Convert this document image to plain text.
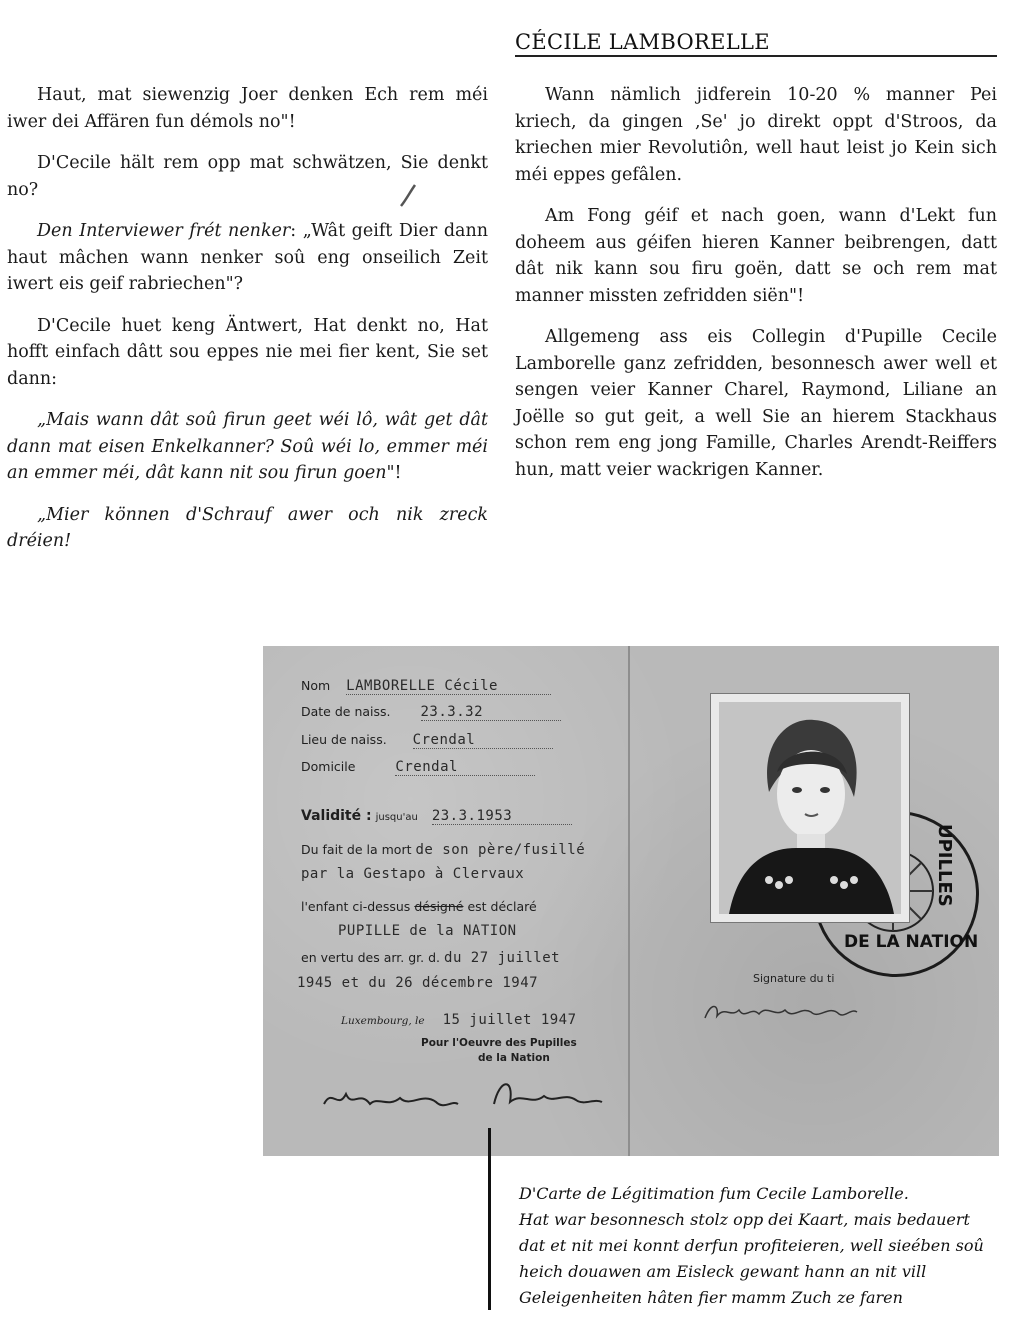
CÉCILE LAMBORELLE

Haut, mat siewenzig Joer denken Ech rem méi iwer dei Affären fun démols no"!

D'Cecile hält rem opp mat schwätzen, Sie denkt no?

Den Interviewer frét nenker: „Wât geift Dier dann haut mâchen wann nenker soû eng onseilich Zeit iwert eis geif rabriechen"?

D'Cecile huet keng Äntwert, Hat denkt no, Hat hofft einfach dâtt sou eppes nie mei fier kent, Sie set dann:

„Mais wann dât soû firun geet wéi lô, wât get dât dann mat eisen Enkelkanner? Soû wéi lo, emmer méi an emmer méi, dât kann nit sou firun goen"!

„Mier können d'Schrauf awer och nik zreck dréien!

Wann nämlich jidferein 10-20 % manner Pei kriech, da gingen ‚Se' jo direkt oppt d'Stroos, da kriechen mier Revolutiôn, well haut leist jo Kein sich méi eppes gefâlen.

Am Fong géif et nach goen, wann d'Lekt fun doheem aus géifen hieren Kanner beibrengen, datt dât nik kann sou firu goën, datt se och rem mat manner missten zefridden siën"!

Allgemeng ass eis Collegin d'Pupille Cecile Lamborelle ganz zefridden, besonnesch awer well et sengen veier Kanner Charel, Raymond, Liliane an Joëlle so gut geit, a well Sie an hierem Stackhaus schon rem eng jong Famille, Charles Arendt-Reiffers hun, matt veier wackrigen Kanner.

Nom LAMBORELLE Cécile
Date de naiss. 23.3.32
Lieu de naiss. Crendal
Domicile	Crendal
Validité : jusqu'au 23.3.1953
Du fait de la mort de son père/fusillé
par la Gestapo à Clervaux
l'enfant ci-dessus désigné est déclaré
PUPILLE de la NATION
en vertu des arr. gr. d. du 27 juillet
1945 et du 26 décembre 1947
Luxembourg, le 15 juillet 1947
Pour l'Oeuvre des Pupilles
de la Nation
UPILLES
DE LA NATION
Signature du ti
D'Carte de Légitimation fum Cecile Lamborelle.
Hat war besonnesch stolz opp dei Kaart, mais bedauert
dat et nit mei konnt derfun profiteieren, well sieében soû
heich douawen am Eisleck gewant hann an nit vill
Geleigenheiten hâten fier mamm Zuch ze faren
